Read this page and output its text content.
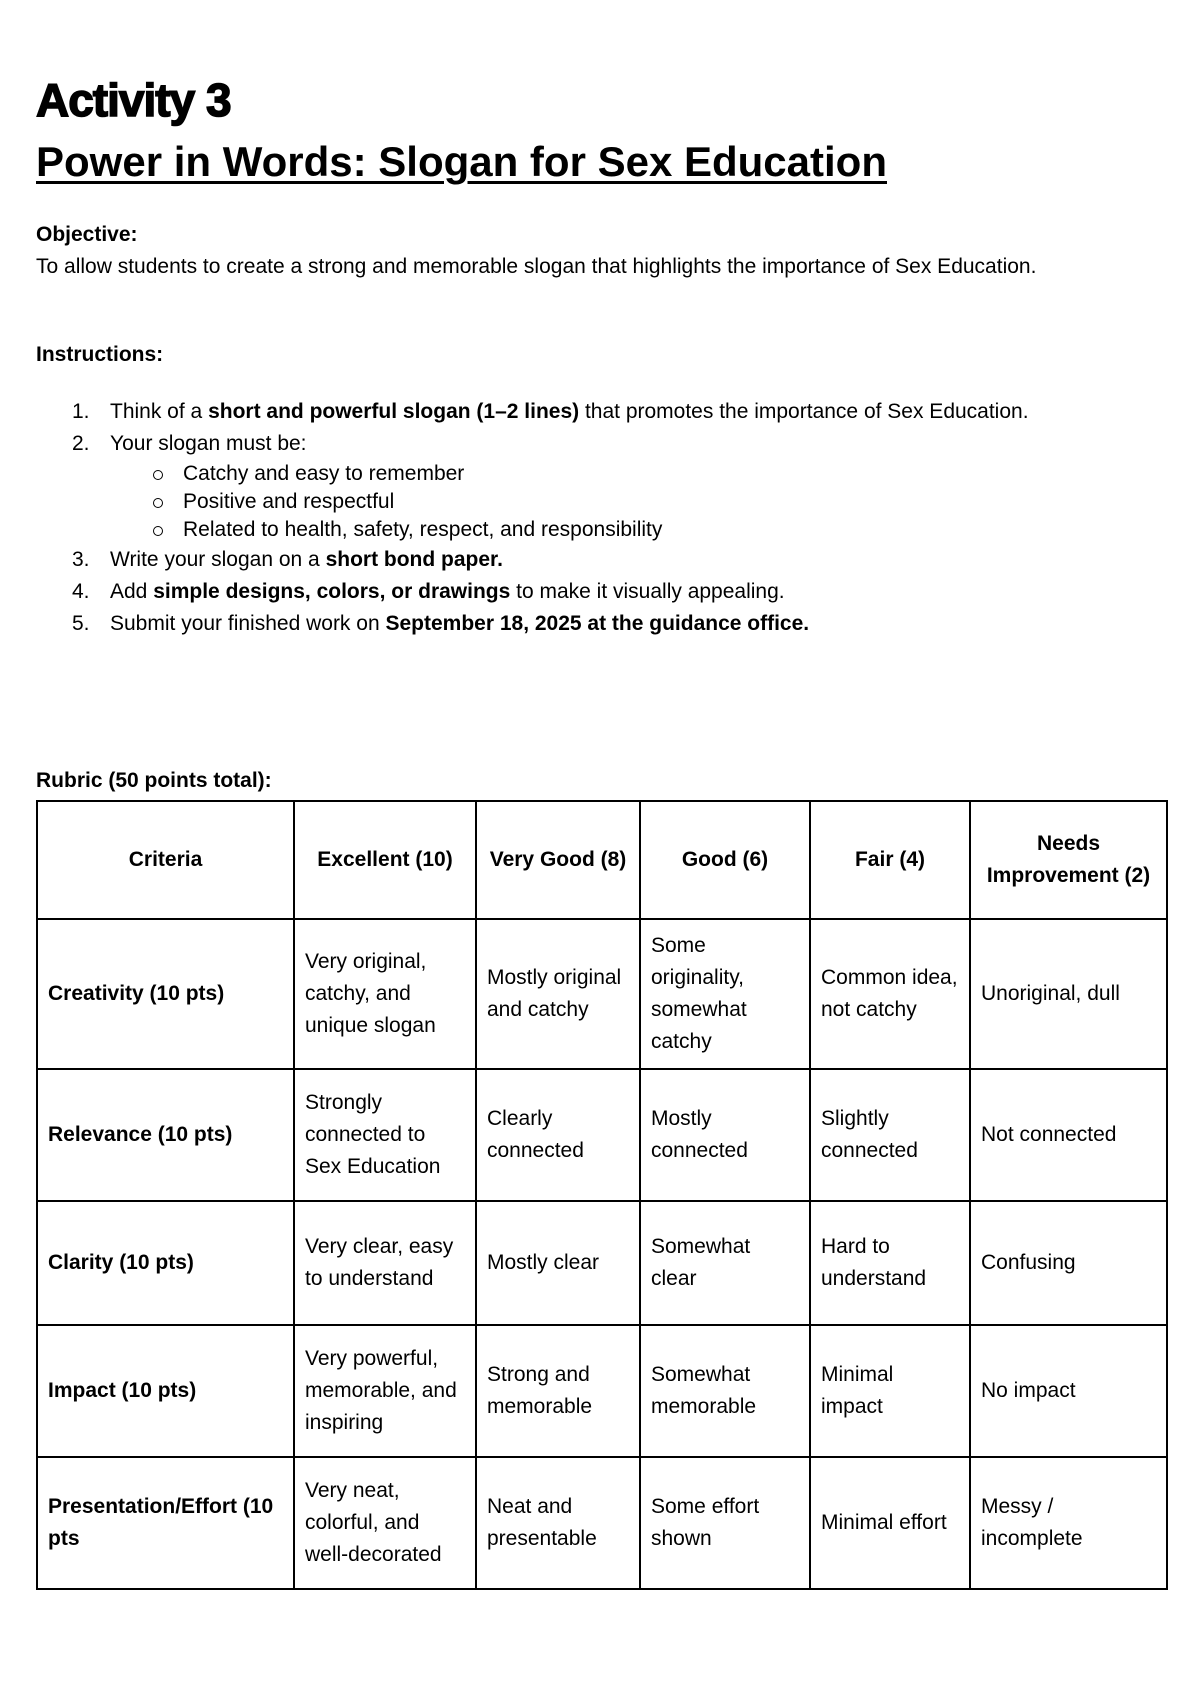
Activity 3
Power in Words: Slogan for Sex Education
Objective:
To allow students to create a strong and memorable slogan that highlights the importance of Sex Education.
Instructions:
1. Think of a short and powerful slogan (1–2 lines) that promotes the importance of Sex Education.
2. Your slogan must be:
Catchy and easy to remember
Positive and respectful
Related to health, safety, respect, and responsibility
3. Write your slogan on a short bond paper.
4. Add simple designs, colors, or drawings to make it visually appealing.
5. Submit your finished work on September 18, 2025 at the guidance office.
Rubric (50 points total):
Criteria	Excellent (10)	Very Good (8)	Good (6)	Fair (4)	Needs Improvement (2)
Creativity (10 pts)	Very original, catchy, and unique slogan	Mostly original and catchy	Some originality, somewhat catchy	Common idea, not catchy	Unoriginal, dull
Relevance (10 pts)	Strongly connected to Sex Education	Clearly connected	Mostly connected	Slightly connected	Not connected
Clarity (10 pts)	Very clear, easy to understand	Mostly clear	Somewhat clear	Hard to understand	Confusing
Impact (10 pts)	Very powerful, memorable, and inspiring	Strong and memorable	Somewhat memorable	Minimal impact	No impact
Presentation/Effort (10 pts	Very neat, colorful, and well-decorated	Neat and presentable	Some effort shown	Minimal effort	Messy / incomplete
